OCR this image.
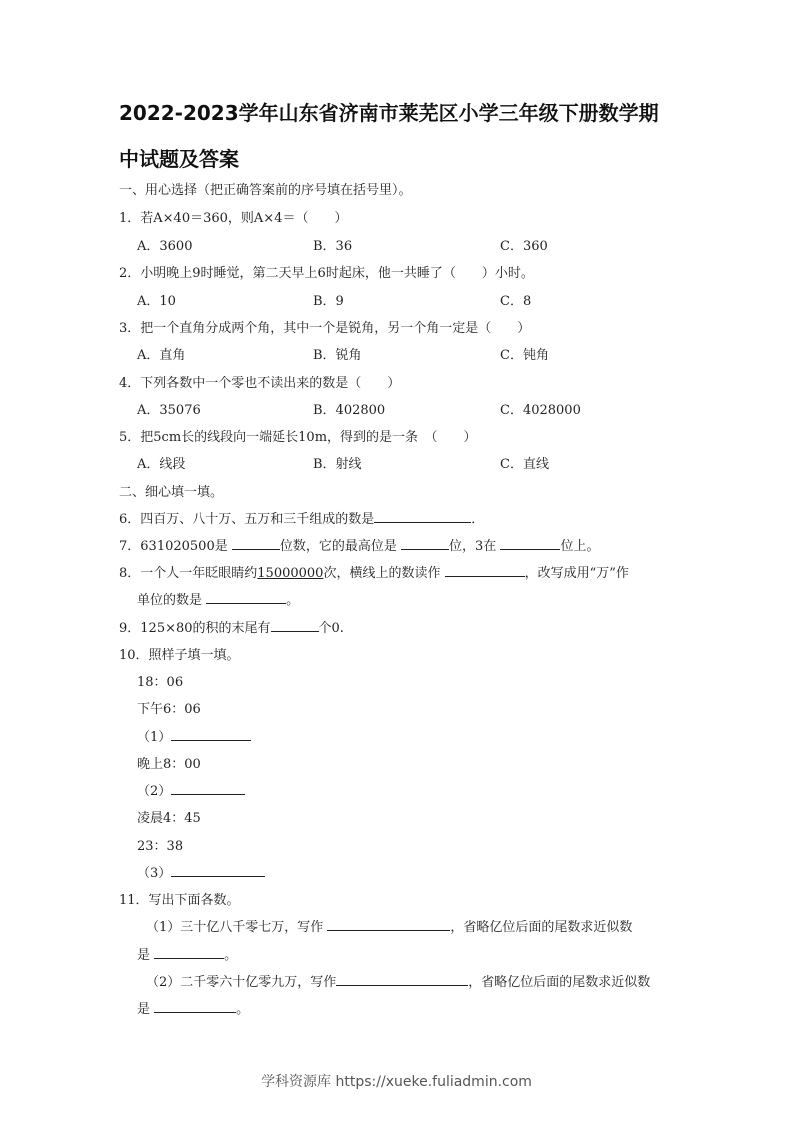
2022-2023学年山东省济南市莱芜区小学三年级下册数学期
中试题及答案
一、用心选择（把正确答案前的序号填在括号里）。
1．若A×40＝360，则A×4＝（　　）
A．3600	B．36	C．360
2．小明晚上9时睡觉，第二天早上6时起床，他一共睡了（　　）小时。
A．10	B．9	C．8
3．把一个直角分成两个角，其中一个是锐角，另一个角一定是（　　）
A．直角	B．锐角	C．钝角
4．下列各数中一个零也不读出来的数是（　　）
A．35076	B．402800	C．4028000
5．把5cm长的线段向一端延长10m，得到的是一条　（　　）
A．线段	B．射线	C．直线
二、细心填一填。
6．四百万、八十万、五万和三千组成的数是	．
7．631020500是	位数，它的最高位是	位，3在	位上。
8．一个人一年眨眼睛约15000000次，横线上的数读作	，改写成用“万”作
单位的数是	。
9．125×80的积的末尾有	个0.
10．照样子填一填。
18：06
下午6：06
（1）
晚上8：00
（2）
凌晨4：45
23：38
（3）
11．写出下面各数。
（1）三十亿八千零七万，写作	，省略亿位后面的尾数求近似数
是	。
（2）二千零六十亿零九万，写作	，省略亿位后面的尾数求近似数
是	。
学科资源库 https://xueke.fuliadmin.com
